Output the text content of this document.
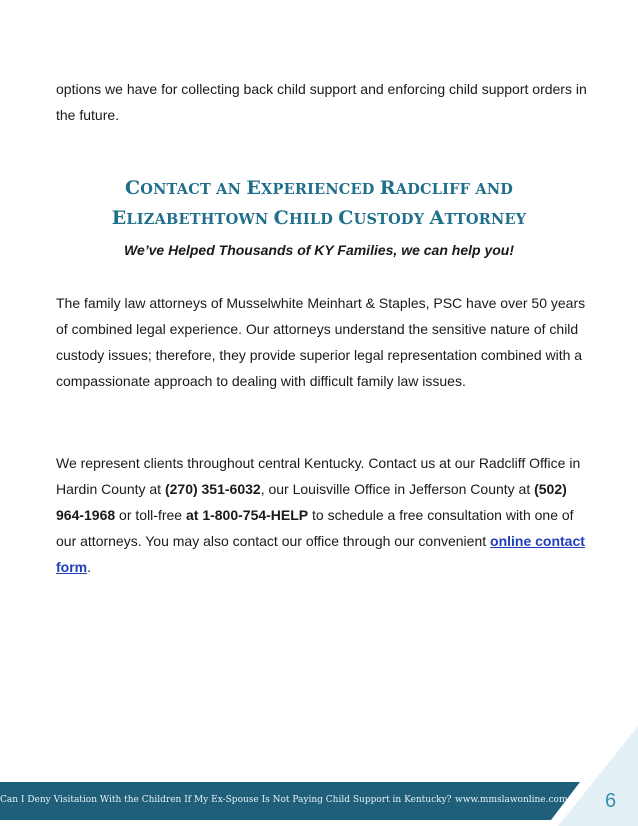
options we have for collecting back child support and enforcing child support orders in the future.
CONTACT AN EXPERIENCED RADCLIFF AND
ELIZABETHTOWN CHILD CUSTODY ATTORNEY
We’ve Helped Thousands of KY Families, we can help you!
The family law attorneys of Musselwhite Meinhart & Staples, PSC have over 50 years of combined legal experience. Our attorneys understand the sensitive nature of child custody issues; therefore, they provide superior legal representation combined with a compassionate approach to dealing with difficult family law issues.
We represent clients throughout central Kentucky. Contact us at our Radcliff Office in Hardin County at (270) 351-6032, our Louisville Office in Jefferson County at (502) 964-1968 or toll-free at 1-800-754-HELP to schedule a free consultation with one of our attorneys. You may also contact our office through our convenient online contact form.
Can I Deny Visitation With the Children If My Ex-Spouse Is Not Paying Child Support in Kentucky? www.mmslawonline.com 6
